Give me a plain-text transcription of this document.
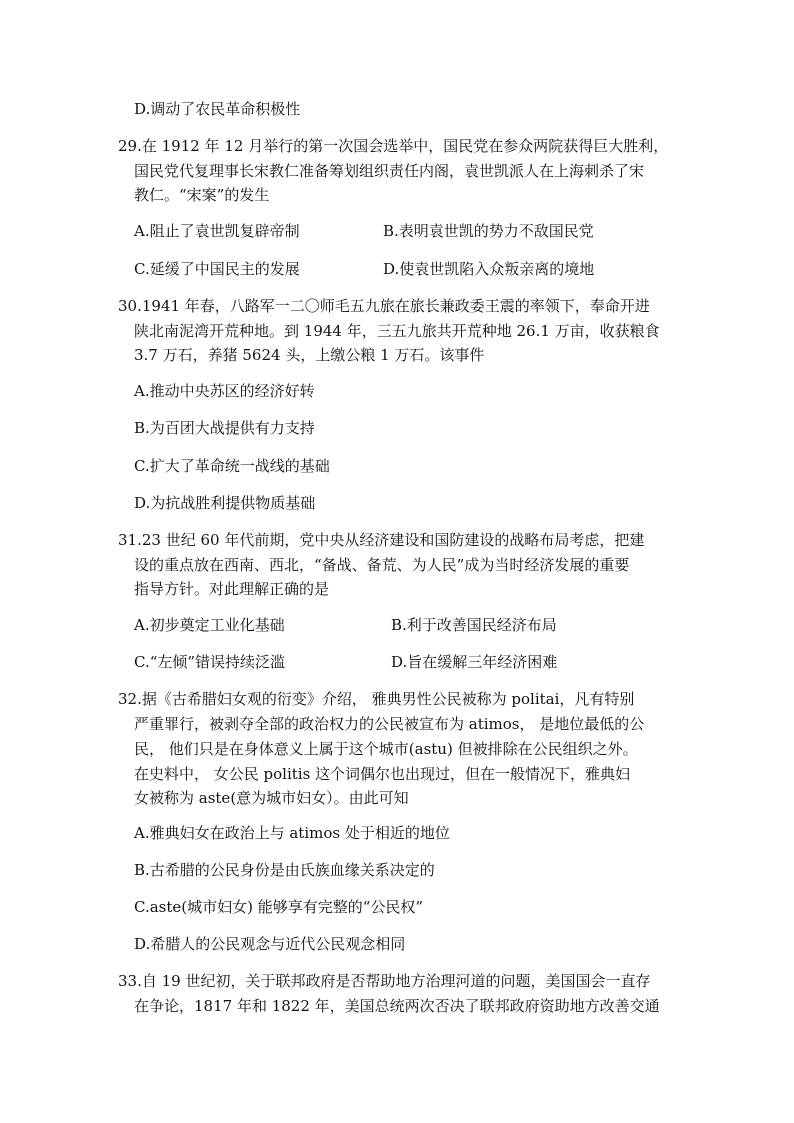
D.调动了农民革命积极性
29.在 1912 年 12 月举行的第一次国会选举中，国民党在参众两院获得巨大胜利，
国民党代复理事长宋教仁准备筹划组织责任内阁，袁世凯派人在上海刺杀了宋
教仁。“宋案”的发生
A.阻止了袁世凯复辟帝制	B.表明袁世凯的势力不敌国民党
C.延缓了中国民主的发展	D.使袁世凯陷入众叛亲离的境地
30.1941 年春，八路军一二〇师毛五九旅在旅长兼政委王震的率领下，奉命开进
陕北南泥湾开荒种地。到 1944 年，三五九旅共开荒种地 26.1 万亩，收获粮食
3.7 万石，养猪 5624 头，上缴公粮 1 万石。该事件
A.推动中央苏区的经济好转
B.为百团大战提供有力支持
C.扩大了革命统一战线的基础
D.为抗战胜利提供物质基础
31.23 世纪 60 年代前期，党中央从经济建设和国防建设的战略布局考虑，把建
设的重点放在西南、西北，“备战、备荒、为人民”成为当时经济发展的重要
指导方针。对此理解正确的是
A.初步奠定工业化基础	B.利于改善国民经济布局
C.“左倾”错误持续泛滥	D.旨在缓解三年经济困难
32.据《古希腊妇女观的衍变》介绍， 雅典男性公民被称为 politai，凡有特别
严重罪行，被剥夺全部的政治权力的公民被宣布为 atimos， 是地位最低的公
民， 他们只是在身体意义上属于这个城市(astu) 但被排除在公民组织之外。
在史料中， 女公民 politis 这个词偶尔也出现过，但在一般情况下，雅典妇
女被称为 aste(意为城市妇女）。由此可知
A.雅典妇女在政治上与 atimos 处于相近的地位
B.古希腊的公民身份是由氏族血缘关系决定的
C.aste(城市妇女) 能够享有完整的“公民权”
D.希腊人的公民观念与近代公民观念相同
33.自 19 世纪初，关于联邦政府是否帮助地方治理河道的问题，美国国会一直存
在争论，1817 年和 1822 年，美国总统两次否决了联邦政府资助地方改善交通
